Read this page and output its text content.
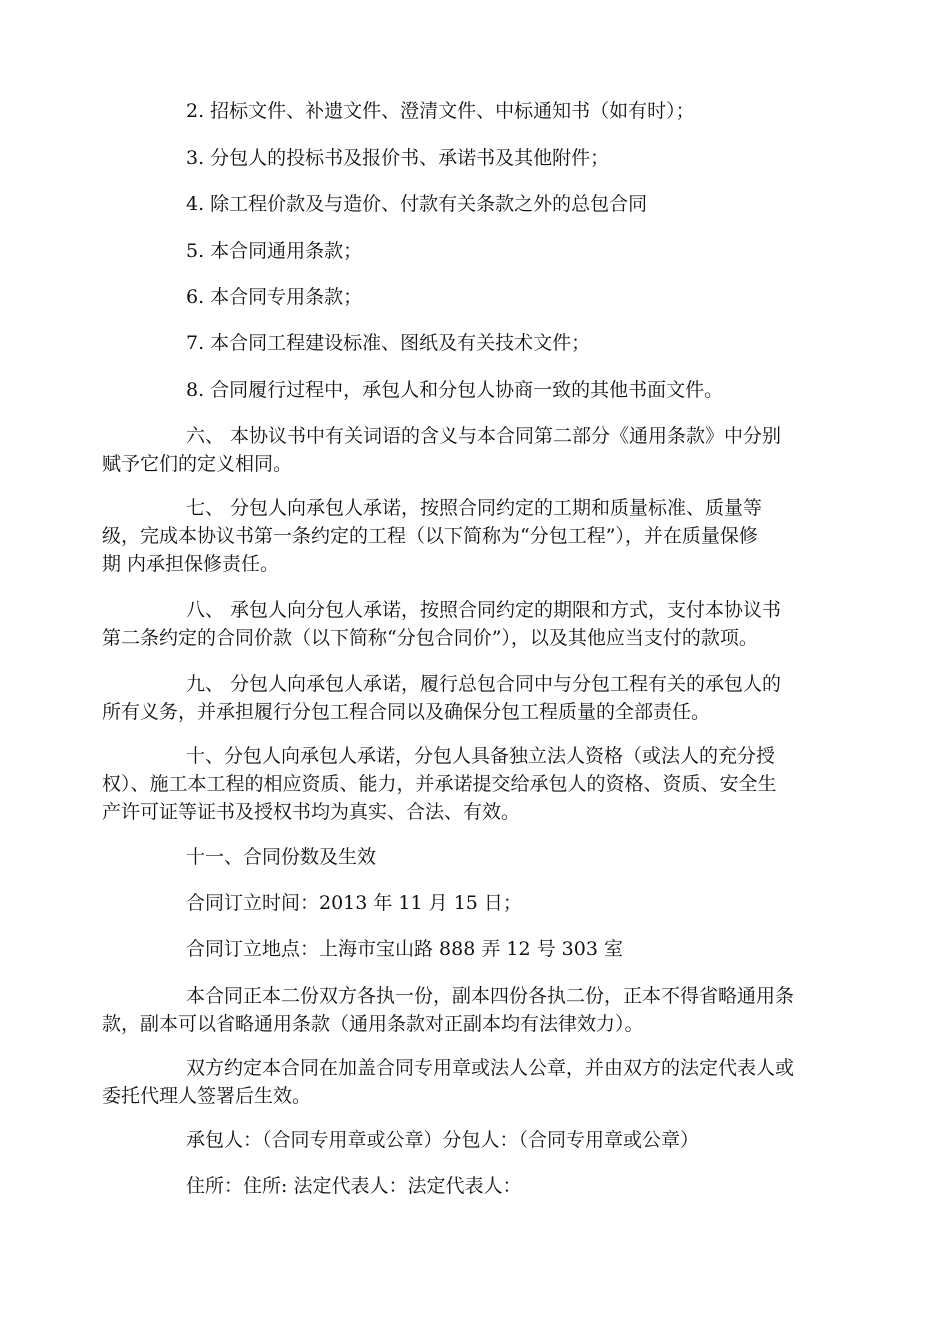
2. 招标文件、补遗文件、澄清文件、中标通知书（如有时）；

3. 分包人的投标书及报价书、承诺书及其他附件；

4. 除工程价款及与造价、付款有关条款之外的总包合同

5. 本合同通用条款；

6. 本合同专用条款；

7. 本合同工程建设标准、图纸及有关技术文件；

8. 合同履行过程中，承包人和分包人协商一致的其他书面文件。

六、 本协议书中有关词语的含义与本合同第二部分《通用条款》中分别
赋予它们的定义相同。
七、 分包人向承包人承诺，按照合同约定的工期和质量标准、质量等
级，完成本协议书第一条约定的工程（以下简称为“分包工程”），并在质量保修
期 内承担保修责任。
八、 承包人向分包人承诺，按照合同约定的期限和方式，支付本协议书
第二条约定的合同价款（以下简称“分包合同价”），以及其他应当支付的款项。
九、 分包人向承包人承诺，履行总包合同中与分包工程有关的承包人的
所有义务，并承担履行分包工程合同以及确保分包工程质量的全部责任。
十、分包人向承包人承诺，分包人具备独立法人资格（或法人的充分授
权）、施工本工程的相应资质、能力，并承诺提交给承包人的资格、资质、安全生
产许可证等证书及授权书均为真实、合法、有效。

十一、合同份数及生效

合同订立时间：2013 年 11 月 15 日；

合同订立地点：上海市宝山路 888 弄 12 号 303 室

本合同正本二份双方各执一份，副本四份各执二份，正本不得省略通用条
款，副本可以省略通用条款（通用条款对正副本均有法律效力）。
双方约定本合同在加盖合同专用章或法人公章，并由双方的法定代表人或
委托代理人签署后生效。

承包人：（合同专用章或公章）分包人：（合同专用章或公章）

住所：住所: 法定代表人：法定代表人：
